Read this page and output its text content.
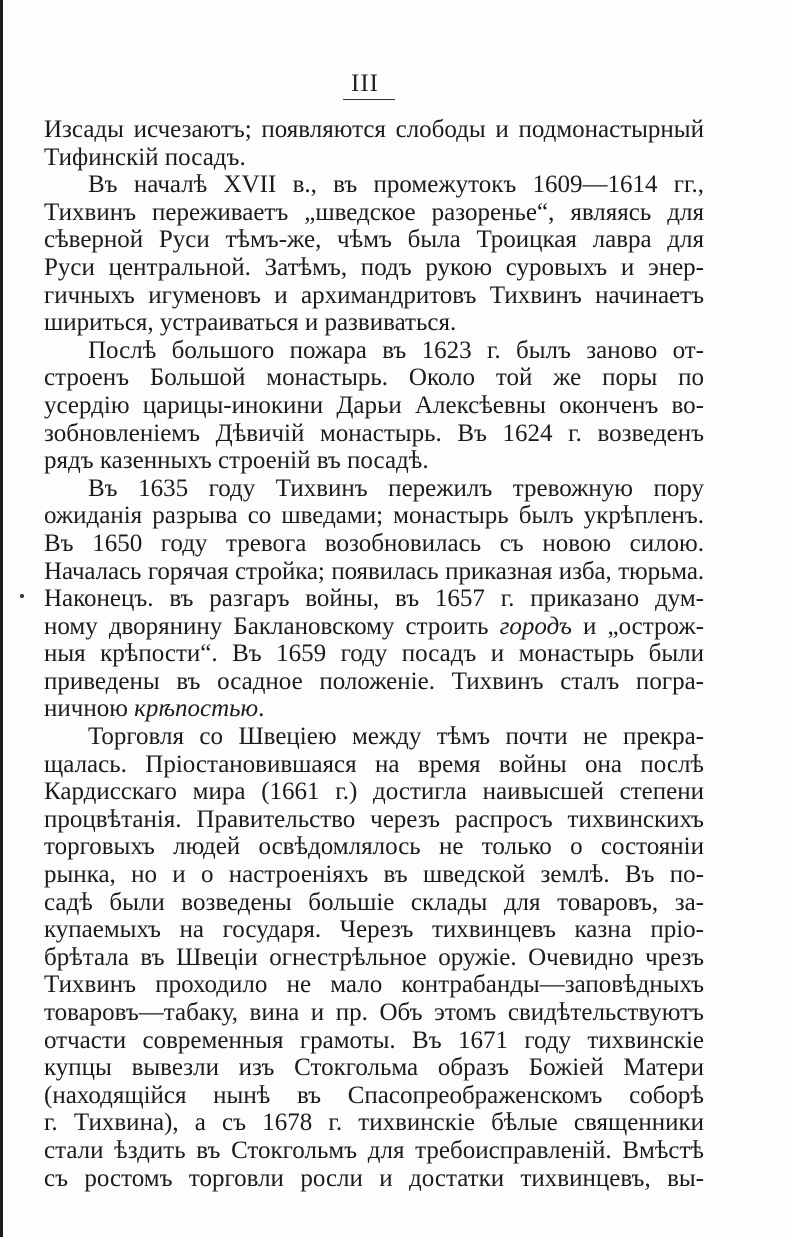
III
Изсады исчезаютъ; появляются слободы и подмонастырный
Тифинскій посадъ.
Въ началѣ XVII в., въ промежутокъ 1609—1614 гг.,
Тихвинъ переживаетъ „шведское разоренье“, являясь для
сѣверной Руси тѣмъ-же, чѣмъ была Троицкая лавра для
Руси центральной. Затѣмъ, подъ рукою суровыхъ и энер-
гичныхъ игуменовъ и архимандритовъ Тихвинъ начинаетъ
шириться, устраиваться и развиваться.
Послѣ большого пожара въ 1623 г. былъ заново от-
строенъ Большой монастырь. Около той же поры по
усердію царицы-инокини Дарьи Алексѣевны оконченъ во-
зобновленіемъ Дѣвичій монастырь. Въ 1624 г. возведенъ
рядъ казенныхъ строеній въ посадѣ.
Въ 1635 году Тихвинъ пережилъ тревожную пору
ожиданія разрыва со шведами; монастырь былъ укрѣпленъ.
Въ 1650 году тревога возобновилась съ новою силою.
Началась горячая стройка; появилась приказная изба, тюрьма.
Наконецъ. въ разгаръ войны, въ 1657 г. приказано дум-
ному дворянину Баклановскому строить городъ и „острож-
ныя крѣпости“. Въ 1659 году посадъ и монастырь были
приведены въ осадное положеніе. Тихвинъ сталъ погра-
ничною крѣпостью.
Торговля со Швеціею между тѣмъ почти не прекра-
щалась. Пріостановившаяся на время войны она послѣ
Кардисскаго мира (1661 г.) достигла наивысшей степени
процвѣтанія. Правительство черезъ распросъ тихвинскихъ
торговыхъ людей освѣдомлялось не только о состояніи
рынка, но и о настроеніяхъ въ шведской землѣ. Въ по-
садѣ были возведены большіе склады для товаровъ, за-
купаемыхъ на государя. Черезъ тихвинцевъ казна пріо-
брѣтала въ Швеціи огнестрѣльное оружіе. Очевидно чрезъ
Тихвинъ проходило не мало контрабанды—заповѣдныхъ
товаровъ—табаку, вина и пр. Объ этомъ свидѣтельствуютъ
отчасти современныя грамоты. Въ 1671 году тихвинскіе
купцы вывезли изъ Стокгольма образъ Божіей Матери
(находящійся нынѣ въ Спасопреображенскомъ соборѣ
г. Тихвина), а съ 1678 г. тихвинскіе бѣлые священники
стали ѣздить въ Стокгольмъ для требоисправленій. Вмѣстѣ
съ ростомъ торговли росли и достатки тихвинцевъ, вы-
